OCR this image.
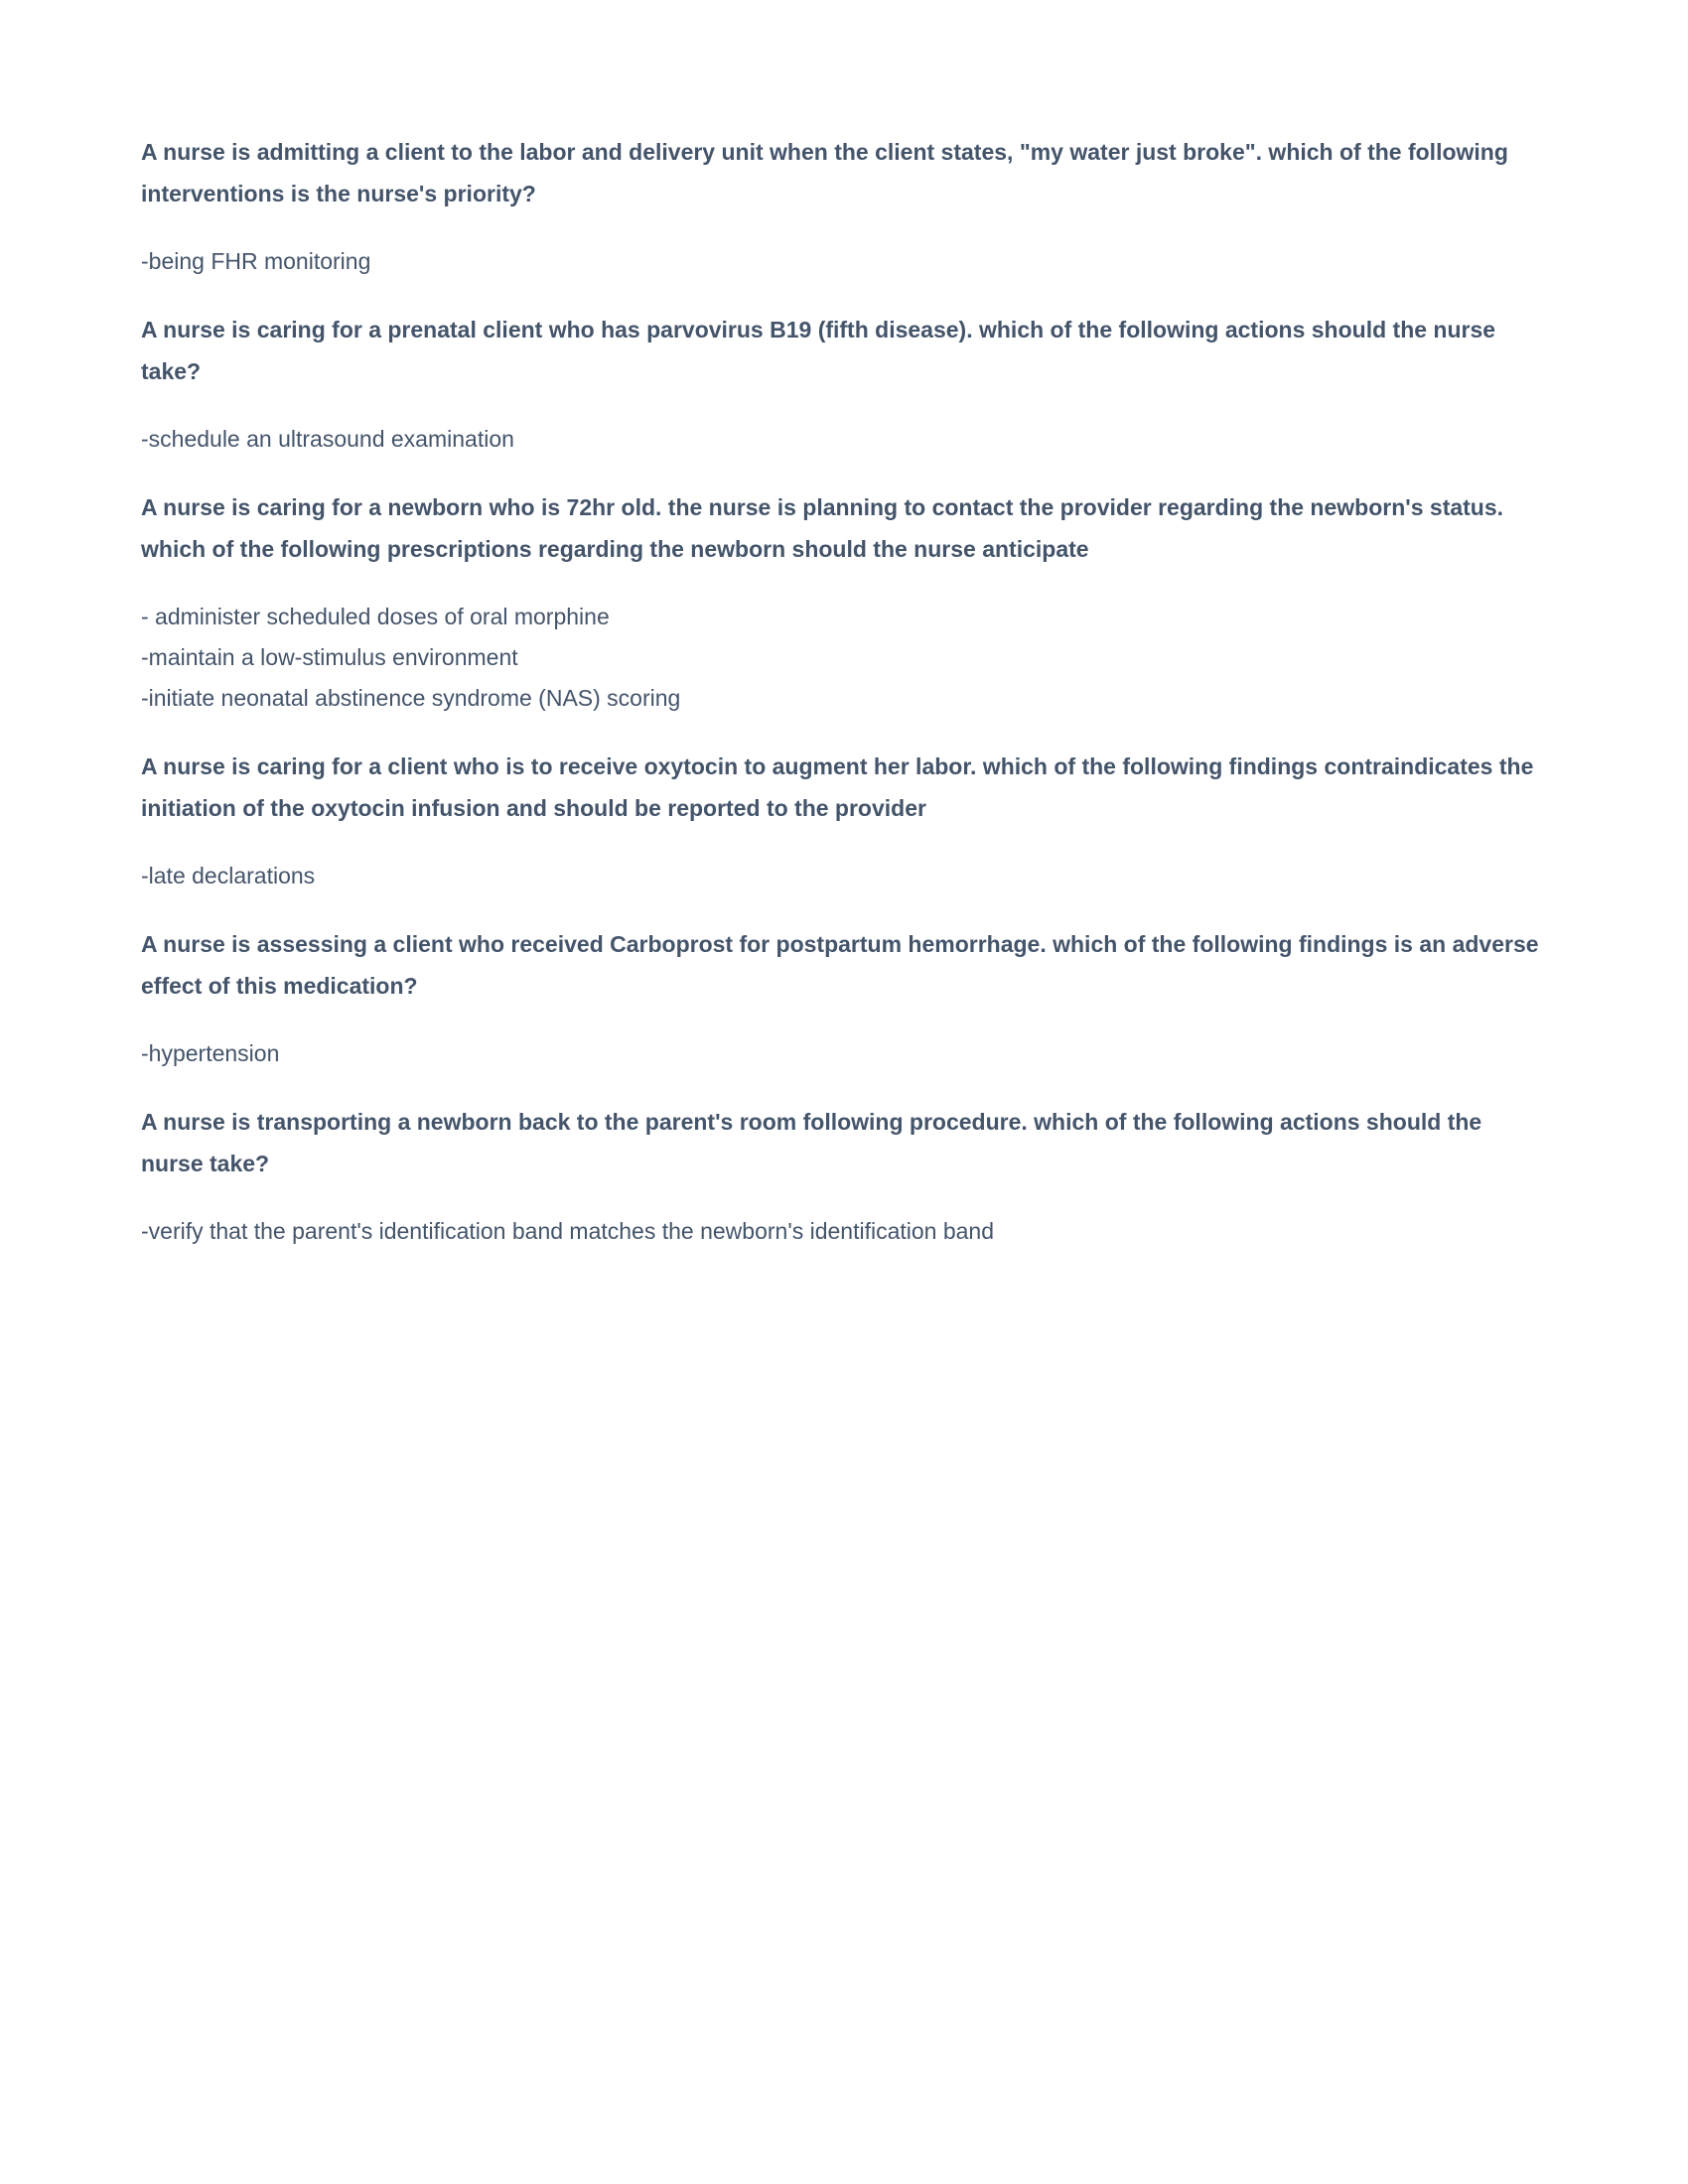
A nurse is admitting a client to the labor and delivery unit when the client states, "my water just broke". which of the following interventions is the nurse's priority?

-being FHR monitoring

A nurse is caring for a prenatal client who has parvovirus B19 (fifth disease). which of the following actions should the nurse take?

-schedule an ultrasound examination

A nurse is caring for a newborn who is 72hr old. the nurse is planning to contact the provider regarding the newborn's status. which of the following prescriptions regarding the newborn should the nurse anticipate

- administer scheduled doses of oral morphine
-maintain a low-stimulus environment
-initiate neonatal abstinence syndrome (NAS) scoring

A nurse is caring for a client who is to receive oxytocin to augment her labor. which of the following findings contraindicates the initiation of the oxytocin infusion and should be reported to the provider

-late declarations

A nurse is assessing a client who received Carboprost for postpartum hemorrhage. which of the following findings is an adverse effect of this medication?

-hypertension

A nurse is transporting a newborn back to the parent's room following procedure. which of the following actions should the nurse take?

-verify that the parent's identification band matches the newborn's identification band
